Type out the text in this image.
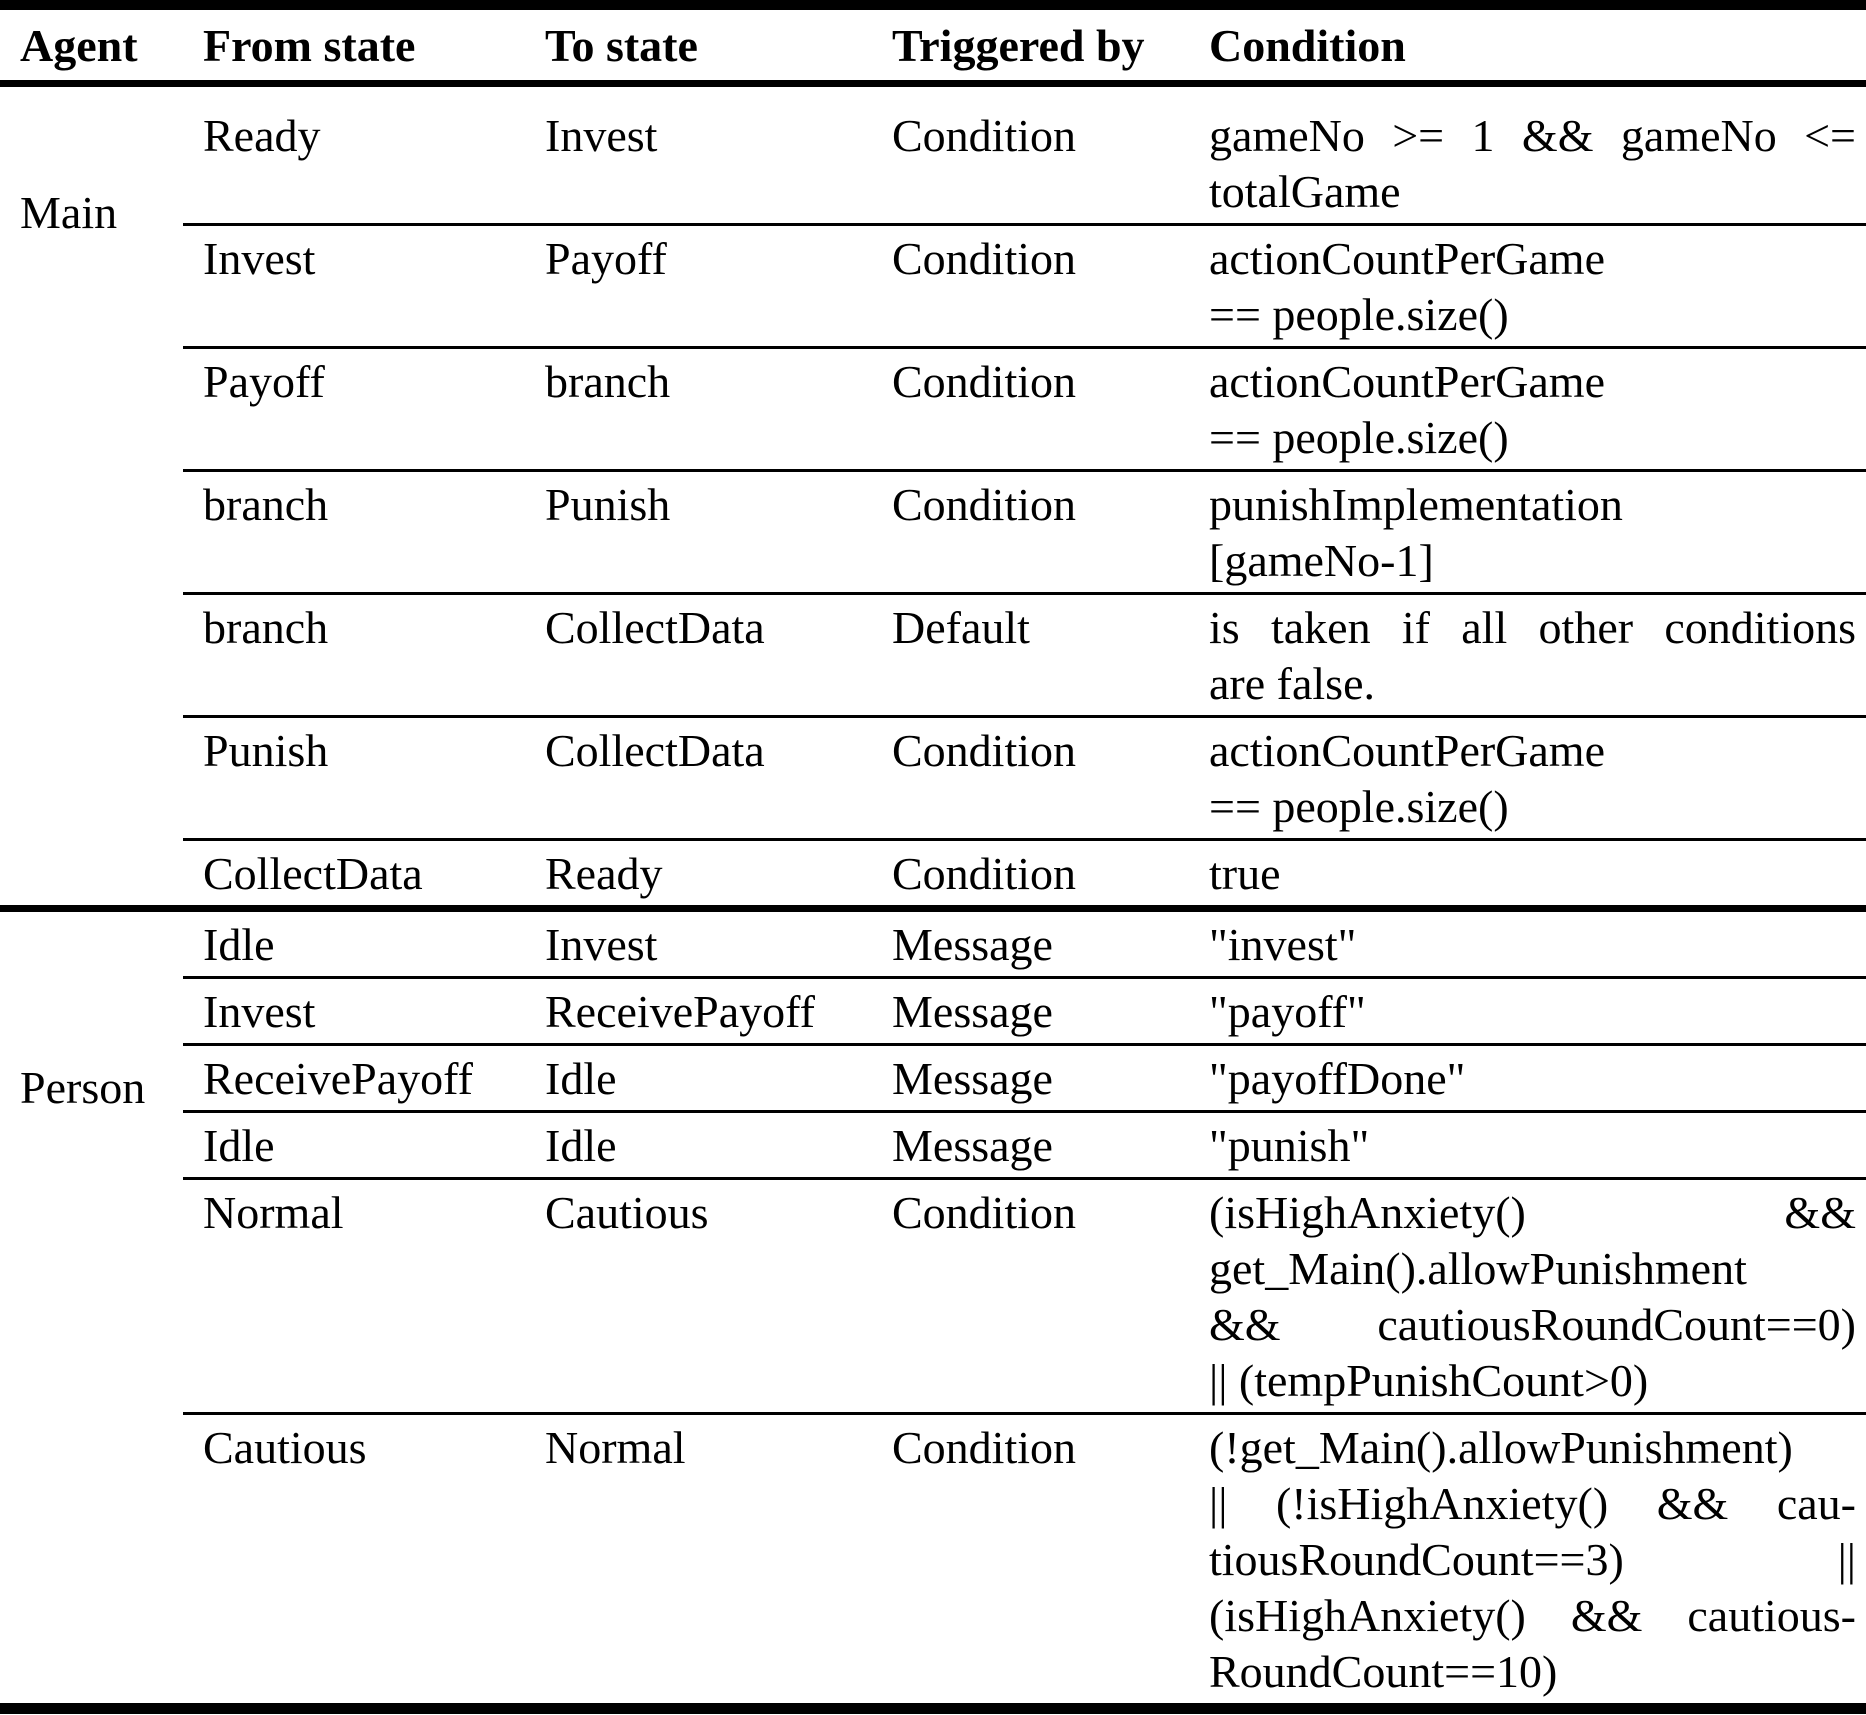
Agent	From state	To state	Triggered by	Condition
Main
Ready	Invest	Condition	gameNo >= 1 && gameNo <=
totalGame
Invest	Payoff	Condition	actionCountPerGame
== people.size()
Payoff	branch	Condition	actionCountPerGame
== people.size()
branch	Punish	Condition	punishImplementation
[gameNo-1]
branch	CollectData	Default	is taken if all other conditions
are false.
Punish	CollectData	Condition	actionCountPerGame
== people.size()
CollectData	Ready	Condition	true
Person
Idle	Invest	Message	"invest"
Invest	ReceivePayoff	Message	"payoff"
ReceivePayoff	Idle	Message	"payoffDone"
Idle	Idle	Message	"punish"
Normal	Cautious	Condition	(isHighAnxiety() &&
get_Main().allowPunishment
&& cautiousRoundCount==0)
|| (tempPunishCount>0)
Cautious	Normal	Condition	(!get_Main().allowPunishment)
|| (!isHighAnxiety() && cau-
tiousRoundCount==3) ||
(isHighAnxiety() && cautious-
RoundCount==10)
